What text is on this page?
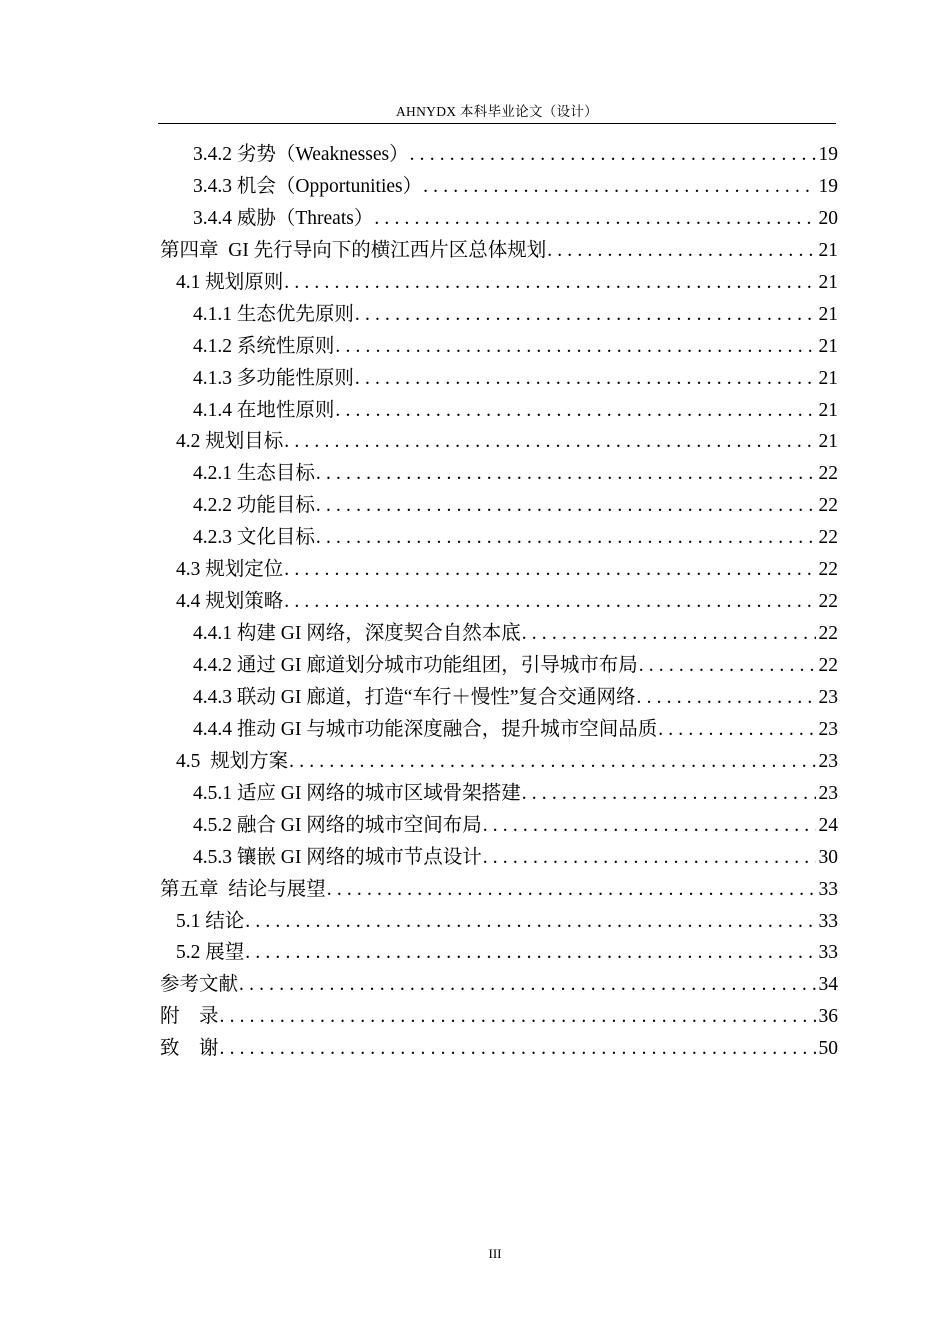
AHNYDX 本科毕业论文（设计）
3.4.2 劣势（Weaknesses） . . .	19
3.4.3 机会（Opportunities） . . .	19
3.4.4 威胁（Threats） . . .	20
第四章  GI 先行导向下的横江西片区总体规划 . . .	21
4.1 规划原则 . . .	21
4.1.1 生态优先原则 . . .	21
4.1.2 系统性原则 . . .	21
4.1.3 多功能性原则 . . .	21
4.1.4 在地性原则 . . .	21
4.2 规划目标 . . .	21
4.2.1 生态目标 . . .	22
4.2.2 功能目标 . . .	22
4.2.3 文化目标 . . .	22
4.3 规划定位 . . .	22
4.4 规划策略 . . .	22
4.4.1 构建 GI 网络，深度契合自然本底 . . .	22
4.4.2 通过 GI 廊道划分城市功能组团，引导城市布局 . . .	22
4.4.3 联动 GI 廊道，打造“车行＋慢性”复合交通网络 . . .	23
4.4.4 推动 GI 与城市功能深度融合，提升城市空间品质 . . .	23
4.5  规划方案 . . .	23
4.5.1 适应 GI 网络的城市区域骨架搭建 . . .	23
4.5.2 融合 GI 网络的城市空间布局 . . .	24
4.5.3 镶嵌 GI 网络的城市节点设计 . . .	30
第五章  结论与展望 . . .	33
5.1 结论 . . .	33
5.2 展望 . . .	33
参考文献 . . .	34
附    录 . . .	36
致    谢 . . .	50
III
